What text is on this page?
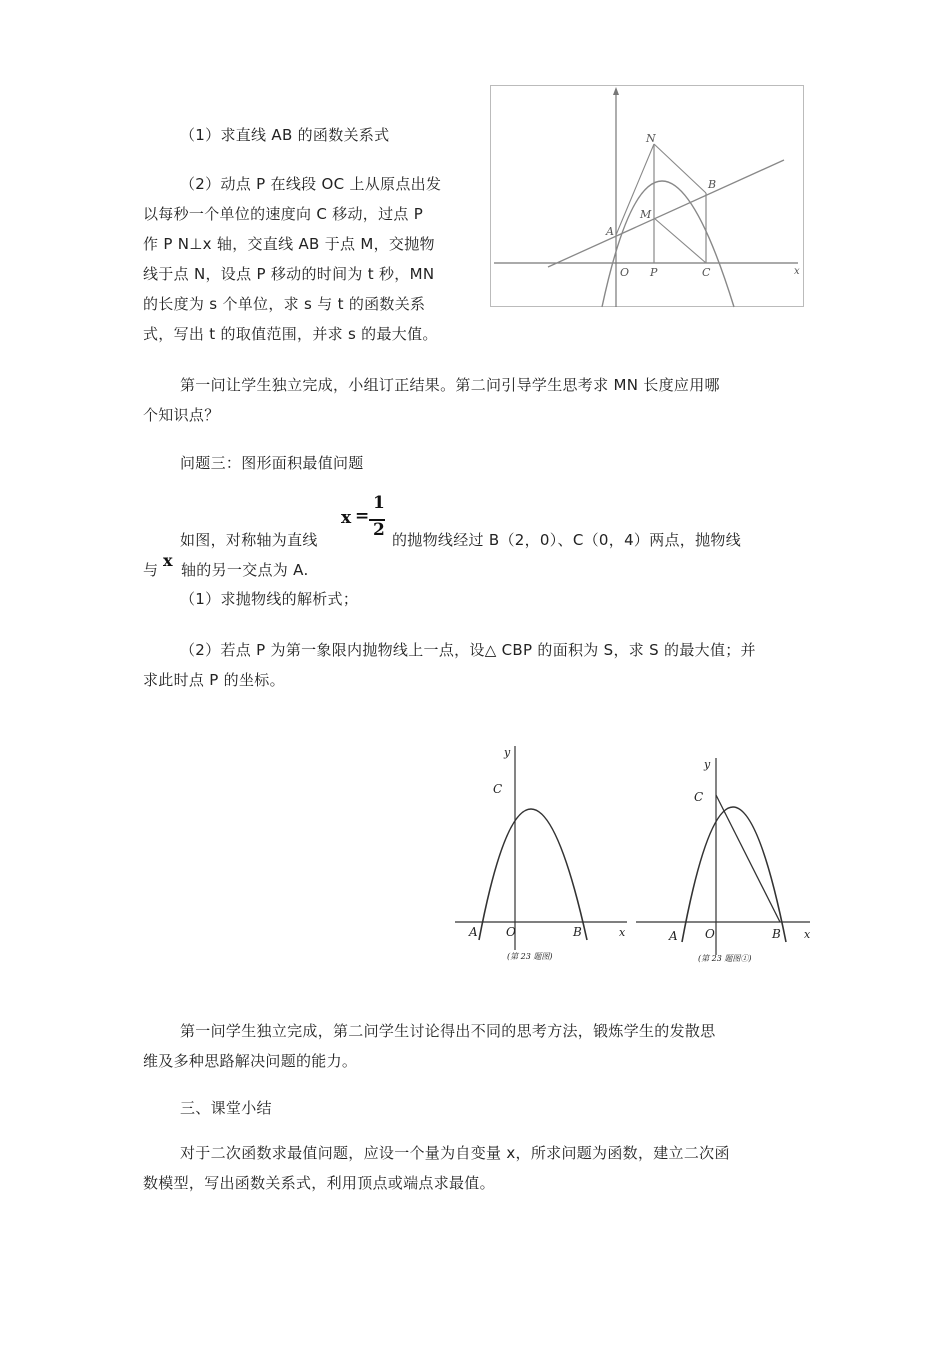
（1）求直线 AB 的函数关系式
（2）动点 P 在线段 OC 上从原点出发
以每秒一个单位的速度向 C 移动，过点 P
作 P N⊥x 轴，交直线 AB 于点 M，交抛物
线于点 N，设点 P 移动的时间为 t 秒，MN
的长度为 s 个单位，求 s 与 t 的函数关系
式，写出 t 的取值范围，并求 s 的最大值。
N
B
M
A
O P	C	x
第一问让学生独立完成，小组订正结果。第二问引导学生思考求 MN 长度应用哪
个知识点？
问题三：图形面积最值问题
如图，对称轴为直线
x =
1
2 的抛物线经过 B（2，0）、C（0，4）两点，抛物线
与 x 轴的另一交点为 A.
（1）求抛物线的解析式；
（2）若点 P 为第一象限内抛物线上一点，设△ CBP 的面积为 S，求 S 的最大值；并
求此时点 P 的坐标。
y
C
A O	B	x
(第 23 题图)
y
C
A O	B x
(第 23 题图①)
第一问学生独立完成，第二问学生讨论得出不同的思考方法，锻炼学生的发散思
维及多种思路解决问题的能力。
三、课堂小结
对于二次函数求最值问题，应设一个量为自变量 x，所求问题为函数，建立二次函
数模型，写出函数关系式，利用顶点或端点求最值。
